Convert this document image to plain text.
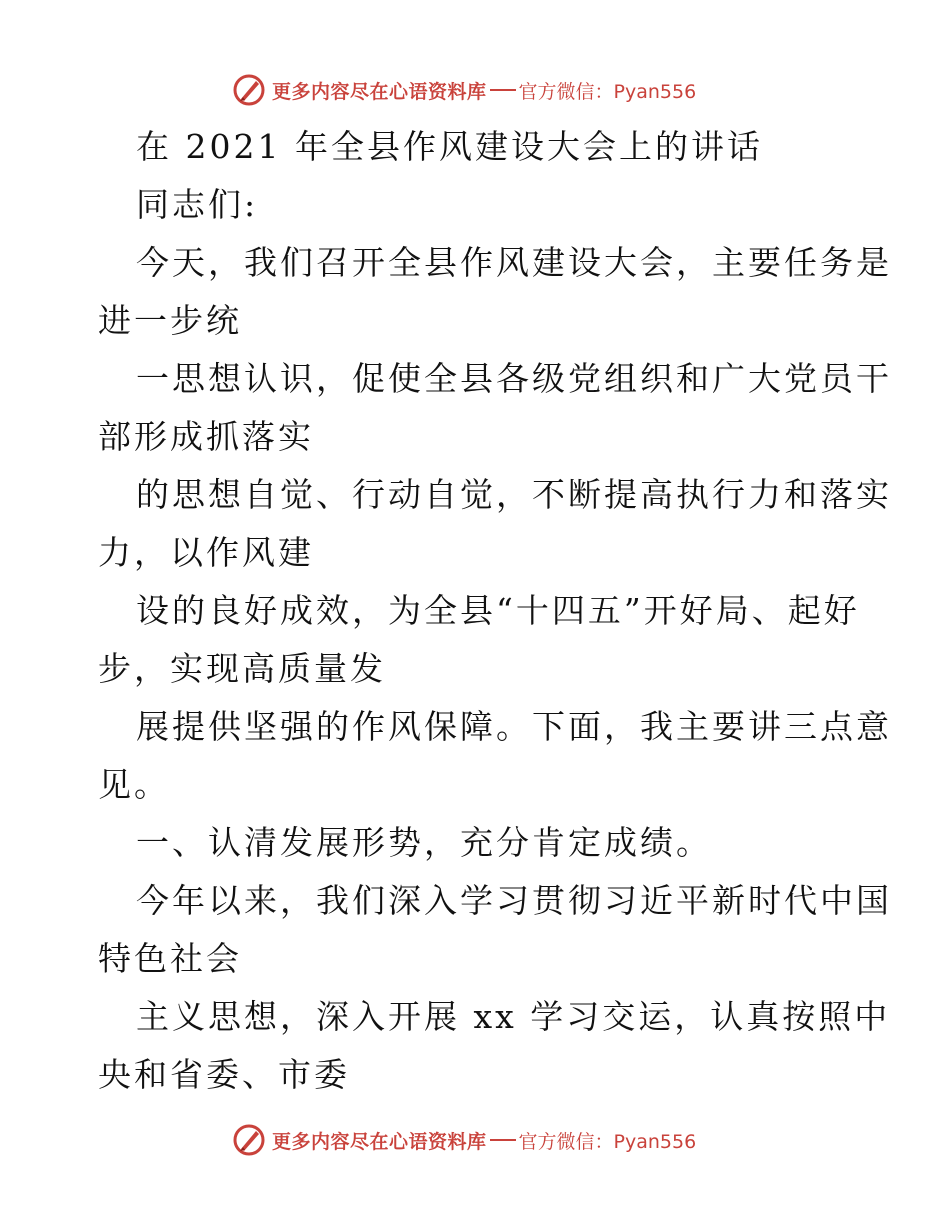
更多内容尽在心语资料库 官方微信：Pyan556
在 2021 年全县作风建设大会上的讲话
同志们:
今天，我们召开全县作风建设大会，主要任务是
进一步统
一思想认识，促使全县各级党组织和广大党员干
部形成抓落实
的思想自觉、行动自觉，不断提高执行力和落实
力，以作风建
设的良好成效，为全县“十四五”开好局、起好
步，实现高质量发
展提供坚强的作风保障。下面，我主要讲三点意
见。
一、认清发展形势，充分肯定成绩。
今年以来，我们深入学习贯彻习近平新时代中国
特色社会
主义思想，深入开展 xx 学习交运，认真按照中
央和省委、市委
更多内容尽在心语资料库 官方微信：Pyan556
